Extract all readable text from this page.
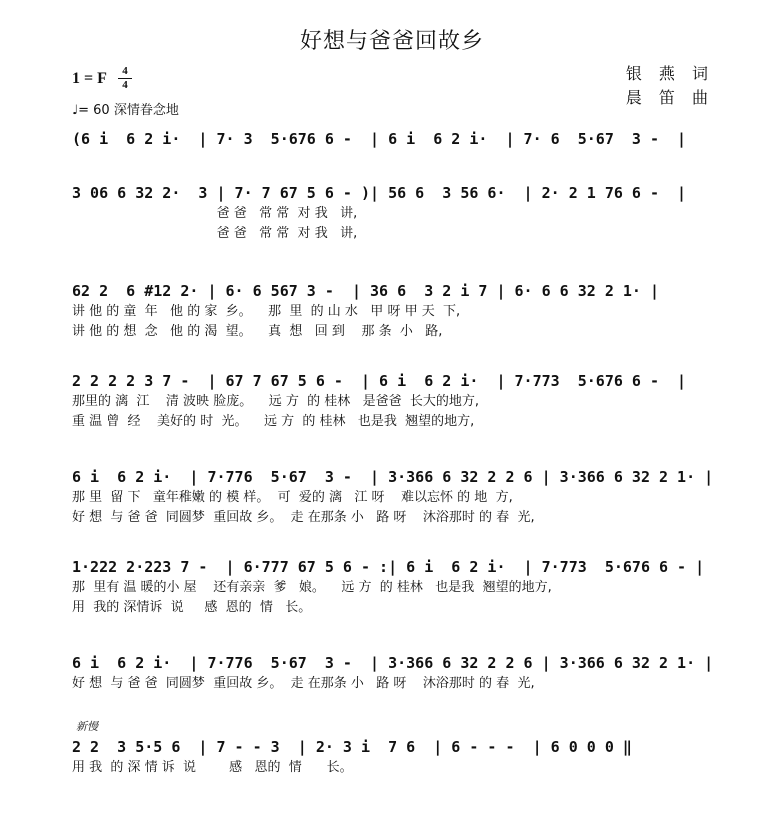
好想与爸爸回故乡
1 = F	4
4
♩= 60 深情眷念地
银 燕 词
晨 笛 曲
(6 i  6 2 i·  | 7· 3  5·676 6 -  | 6 i  6 2 i·  | 7· 6  5·67  3 -  |
3 06 6 32 2·  3 | 7· 7 67 5 6 - )| 56 6  3 56 6·  | 2· 2 1 76 6 -  |
爸 爸   常 常  对 我   讲,
爸 爸   常 常  对 我   讲,
62 2  6 #12 2· | 6· 6 567 3 -  | 36 6  3 2 i 7 | 6· 6 6 32 2 1· |
讲 他 的 童  年   他 的 家  乡。    那  里  的 山 水   甲 呀 甲 天  下,
讲 他 的 想  念   他 的 渴  望。    真  想   回 到    那 条  小   路,
2 2 2 2 3 7 -  | 67 7 67 5 6 -  | 6 i  6 2 i·  | 7·773  5·676 6 -  |
那里的 漓  江    清 波映 脸庞。    远 方  的 桂林   是爸爸  长大的地方,
重 温 曾  经    美好的 时  光。    远 方  的 桂林   也是我  翘望的地方,
6 i  6 2 i·  | 7·776  5·67  3 -  | 3·366 6 32 2 2 6 | 3·366 6 32 2 1· |
那 里  留 下   童年稚嫩 的 模 样。  可  爱的 漓   江 呀    难以忘怀 的 地  方,
好 想  与 爸 爸  同圆梦  重回故 乡。  走 在那条 小   路 呀    沐浴那时 的 春  光,
1·222 2·223 7 -  | 6·777 67 5 6 - :| 6 i  6 2 i·  | 7·773  5·676 6 - |
那  里有 温 暖的小 屋    还有亲亲  爹   娘。    远 方  的 桂林   也是我  翘望的地方,
用  我的 深情诉  说     感  恩的  情   长。
6 i  6 2 i·  | 7·776  5·67  3 -  | 3·366 6 32 2 2 6 | 3·366 6 32 2 1· |
好 想  与 爸 爸  同圆梦  重回故 乡。  走 在那条 小   路 呀    沐浴那时 的 春  光,
新慢
2 2  3 5·5 6  | 7 - - 3  | 2· 3 i  7 6  | 6 - - -  | 6 0 0 0 ‖
用 我  的 深 情 诉  说        感   恩的  情      长。
